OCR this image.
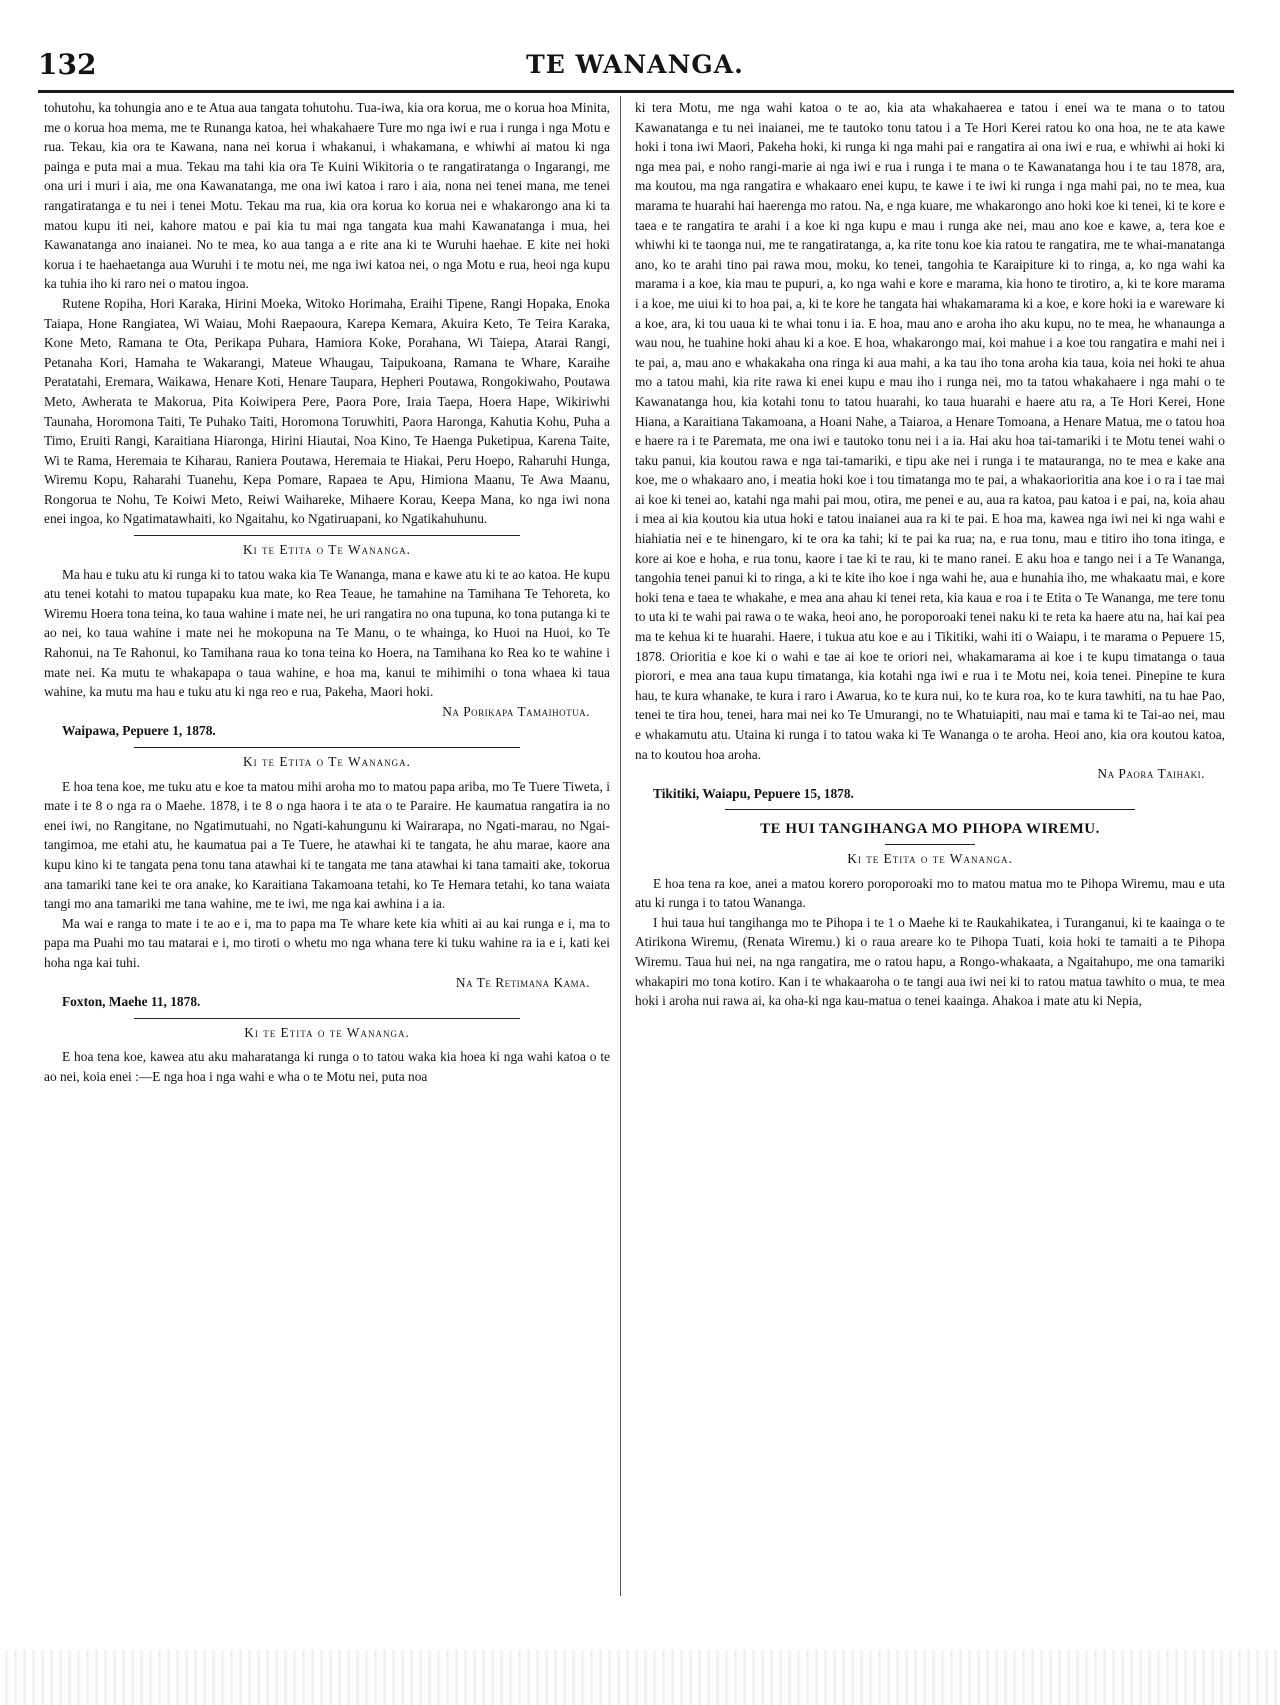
132	TE WANANGA.

tohutohu, ka tohungia ano e te Atua aua tangata tohutohu. Tua-iwa, kia ora korua, me o korua hoa Minita, me o korua hoa mema, me te Runanga katoa, hei whakahaere Ture mo nga iwi e rua i runga i nga Motu e rua. Tekau, kia ora te Kawana, nana nei korua i whakanui, i whakamana, e whiwhi ai matou ki nga painga e puta mai a mua. Tekau ma tahi kia ora Te Kuini Wikitoria o te rangatiratanga o Ingarangi, me ona uri i muri i aia, me ona Kawanatanga, me ona iwi katoa i raro i aia, nona nei tenei mana, me tenei rangatiratanga e tu nei i tenei Motu. Tekau ma rua, kia ora korua ko korua nei e whakarongo ana ki ta matou kupu iti nei, kahore matou e pai kia tu mai nga tangata kua mahi Kawanatanga i mua, hei Kawanatanga ano inaianei. No te mea, ko aua tanga a e rite ana ki te Wuruhi haehae. E kite nei hoki korua i te haehaetanga aua Wuruhi i te motu nei, me nga iwi katoa nei, o nga Motu e rua, heoi nga kupu ka tuhia iho ki raro nei o matou ingoa.

Rutene Ropiha, Hori Karaka, Hirini Moeka, Witoko Horimaha, Eraihi Tipene, Rangi Hopaka, Enoka Taiapa, Hone Rangiatea, Wi Waiau, Mohi Raepaoura, Karepa Kemara, Akuira Keto, Te Teira Karaka, Kone Meto, Ramana te Ota, Perikapa Puhara, Hamiora Koke, Porahana, Wi Taiepa, Atarai Rangi, Petanaha Kori, Hamaha te Wakarangi, Mateue Whaugau, Taipukoana, Ramana te Whare, Karaihe Peratatahi, Eremara, Waikawa, Henare Koti, Henare Taupara, Hepheri Poutawa, Rongokiwaho, Poutawa Meto, Awherata te Makorua, Pita Koiwipera Pere, Paora Pore, Iraia Taepa, Hoera Hape, Wikiriwhi Taunaha, Horomona Taiti, Te Puhako Taiti, Horomona Toruwhiti, Paora Haronga, Kahutia Kohu, Puha a Timo, Eruiti Rangi, Karaitiana Hiaronga, Hirini Hiautai, Noa Kino, Te Haenga Puketipua, Karena Taite, Wi te Rama, Heremaia te Kiharau, Raniera Poutawa, Heremaia te Hiakai, Peru Hoepo, Raharuhi Hunga, Wiremu Kopu, Raharahi Tuanehu, Kepa Pomare, Rapaea te Apu, Himiona Maanu, Te Awa Maanu, Rongorua te Nohu, Te Koiwi Meto, Reiwi Waihareke, Mihaere Korau, Keepa Mana, ko nga iwi nona enei ingoa, ko Ngatimatawhaiti, ko Ngaitahu, ko Ngatiruapani, ko Ngatikahuhunu.

Ki te Etita o Te Wananga.

Ma hau e tuku atu ki runga ki to tatou waka kia Te Wananga, mana e kawe atu ki te ao katoa. He kupu atu tenei kotahi to matou tupapaku kua mate, ko Rea Teaue, he tamahine na Tamihana Te Tehoreta, ko Wiremu Hoera tona teina, ko taua wahine i mate nei, he uri rangatira no ona tupuna, ko tona putanga ki te ao nei, ko taua wahine i mate nei he mokopuna na Te Manu, o te whainga, ko Huoi na Huoi, ko Te Rahonui, na Te Rahonui, ko Tamihana raua ko tona teina ko Hoera, na Tamihana ko Rea ko te wahine i mate nei. Ka mutu te whakapapa o taua wahine, e hoa ma, kanui te mihimihi o tona whaea ki taua wahine, ka mutu ma hau e tuku atu ki nga reo e rua, Pakeha, Maori hoki.

Na Porikapa Tamaihotua.

Waipawa, Pepuere 1, 1878.

Ki te Etita o Te Wananga.

E hoa tena koe, me tuku atu e koe ta matou mihi aroha mo to matou papa ariba, mo Te Tuere Tiweta, i mate i te 8 o nga ra o Maehe. 1878, i te 8 o nga haora i te ata o te Paraire. He kaumatua rangatira ia no enei iwi, no Rangitane, no Ngatimutuahi, no Ngati-kahungunu ki Wairarapa, no Ngati-marau, no Ngai-tangimoa, me etahi atu, he kaumatua pai a Te Tuere, he atawhai ki te tangata, he ahu marae, kaore ana kupu kino ki te tangata pena tonu tana atawhai ki te tangata me tana atawhai ki tana tamaiti ake, tokorua ana tamariki tane kei te ora anake, ko Karaitiana Takamoana tetahi, ko Te Hemara tetahi, ko tana waiata tangi mo ana tamariki me tana wahine, me te iwi, me nga kai awhina i a ia.

Ma wai e ranga to mate i te ao e i, ma to papa ma Te whare kete kia whiti ai au kai runga e i, ma to papa ma Puahi mo tau matarai e i, mo tiroti o whetu mo nga whana tere ki tuku wahine ra ia e i, kati kei hoha nga kai tuhi.

Na Te Retimana Kama.

Foxton, Maehe 11, 1878.

Ki te Etita o te Wananga.

E hoa tena koe, kawea atu aku maharatanga ki runga o to tatou waka kia hoea ki nga wahi katoa o te ao nei, koia enei :—E nga hoa i nga wahi e wha o te Motu nei, puta noa

ki tera Motu, me nga wahi katoa o te ao, kia ata whakahaerea e tatou i enei wa te mana o to tatou Kawanatanga e tu nei inaianei, me te tautoko tonu tatou i a Te Hori Kerei ratou ko ona hoa, ne te ata kawe hoki i tona iwi Maori, Pakeha hoki, ki runga ki nga mahi pai e rangatira ai ona iwi e rua, e whiwhi ai hoki ki nga mea pai, e noho rangi-marie ai nga iwi e rua i runga i te mana o te Kawanatanga hou i te tau 1878, ara, ma koutou, ma nga rangatira e whakaaro enei kupu, te kawe i te iwi ki runga i nga mahi pai, no te mea, kua marama te huarahi hai haerenga mo ratou. Na, e nga kuare, me whakarongo ano hoki koe ki tenei, ki te kore e taea e te rangatira te arahi i a koe ki nga kupu e mau i runga ake nei, mau ano koe e kawe, a, tera koe e whiwhi ki te taonga nui, me te rangatiratanga, a, ka rite tonu koe kia ratou te rangatira, me te whai-manatanga ano, ko te arahi tino pai rawa mou, moku, ko tenei, tangohia te Karaipiture ki to ringa, a, ko nga wahi ka marama i a koe, kia mau te pupuri, a, ko nga wahi e kore e marama, kia hono te tirotiro, a, ki te kore marama i a koe, me uiui ki to hoa pai, a, ki te kore he tangata hai whakamarama ki a koe, e kore hoki ia e wareware ki a koe, ara, ki tou uaua ki te whai tonu i ia. E hoa, mau ano e aroha iho aku kupu, no te mea, he whanaunga a wau nou, he tuahine hoki ahau ki a koe. E hoa, whakarongo mai, koi mahue i a koe tou rangatira e mahi nei i te pai, a, mau ano e whakakaha ona ringa ki aua mahi, a ka tau iho tona aroha kia taua, koia nei hoki te ahua mo a tatou mahi, kia rite rawa ki enei kupu e mau iho i runga nei, mo ta tatou whakahaere i nga mahi o te Kawanatanga hou, kia kotahi tonu to tatou huarahi, ko taua huarahi e haere atu ra, a Te Hori Kerei, Hone Hiana, a Karaitiana Takamoana, a Hoani Nahe, a Taiaroa, a Henare Tomoana, a Henare Matua, me o tatou hoa e haere ra i te Paremata, me ona iwi e tautoko tonu nei i a ia. Hai aku hoa tai-tamariki i te Motu tenei wahi o taku panui, kia koutou rawa e nga tai-tamariki, e tipu ake nei i runga i te matauranga, no te mea e kake ana koe, me o whakaaro ano, i meatia hoki koe i tou timatanga mo te pai, a whakaorioritia ana koe i o ra i tae mai ai koe ki tenei ao, katahi nga mahi pai mou, otira, me penei e au, aua ra katoa, pau katoa i e pai, na, koia ahau i mea ai kia koutou kia utua hoki e tatou inaianei aua ra ki te pai. E hoa ma, kawea nga iwi nei ki nga wahi e hiahiatia nei e te hinengaro, ki te ora ka tahi; ki te pai ka rua; na, e rua tonu, mau e titiro iho tona itinga, e kore ai koe e hoha, e rua tonu, kaore i tae ki te rau, ki te mano ranei. E aku hoa e tango nei i a Te Wananga, tangohia tenei panui ki to ringa, a ki te kite iho koe i nga wahi he, aua e hunahia iho, me whakaatu mai, e kore hoki tena e taea te whakahe, e mea ana ahau ki tenei reta, kia kaua e roa i te Etita o Te Wananga, me tere tonu to uta ki te wahi pai rawa o te waka, heoi ano, he poroporoaki tenei naku ki te reta ka haere atu na, hai kai pea ma te kehua ki te huarahi. Haere, i tukua atu koe e au i Tikitiki, wahi iti o Waiapu, i te marama o Pepuere 15, 1878. Orioritia e koe ki o wahi e tae ai koe te oriori nei, whakamarama ai koe i te kupu timatanga o taua piorori, e mea ana taua kupu timatanga, kia kotahi nga iwi e rua i te Motu nei, koia tenei. Pinepine te kura hau, te kura whanake, te kura i raro i Awarua, ko te kura nui, ko te kura roa, ko te kura tawhiti, na tu hae Pao, tenei te tira hou, tenei, hara mai nei ko Te Umurangi, no te Whatuiapiti, nau mai e tama ki te Tai-ao nei, mau e whakamutu atu. Utaina ki runga i to tatou waka ki Te Wananga o te aroha. Heoi ano, kia ora koutou katoa, na to koutou hoa aroha.

Na Paora Taihaki.

Tikitiki, Waiapu, Pepuere 15, 1878.

TE HUI TANGIHANGA MO PIHOPA WIREMU.
Ki te Etita o te Wananga.

E hoa tena ra koe, anei a matou korero poroporoaki mo to matou matua mo te Pihopa Wiremu, mau e uta atu ki runga i to tatou Wananga.

I hui taua hui tangihanga mo te Pihopa i te 1 o Maehe ki te Raukahikatea, i Turanganui, ki te kaainga o te Atirikona Wiremu, (Renata Wiremu.) ki o raua areare ko te Pihopa Tuati, koia hoki te tamaiti a te Pihopa Wiremu. Taua hui nei, na nga rangatira, me o ratou hapu, a Rongo-whakaata, a Ngaitahupo, me ona tamariki whakapiri mo tona kotiro. Kan i te whakaaroha o te tangi aua iwi nei ki to ratou matua tawhito o mua, te mea hoki i aroha nui rawa ai, ka oha-ki nga kau-matua o tenei kaainga. Ahakoa i mate atu ki Nepia,
